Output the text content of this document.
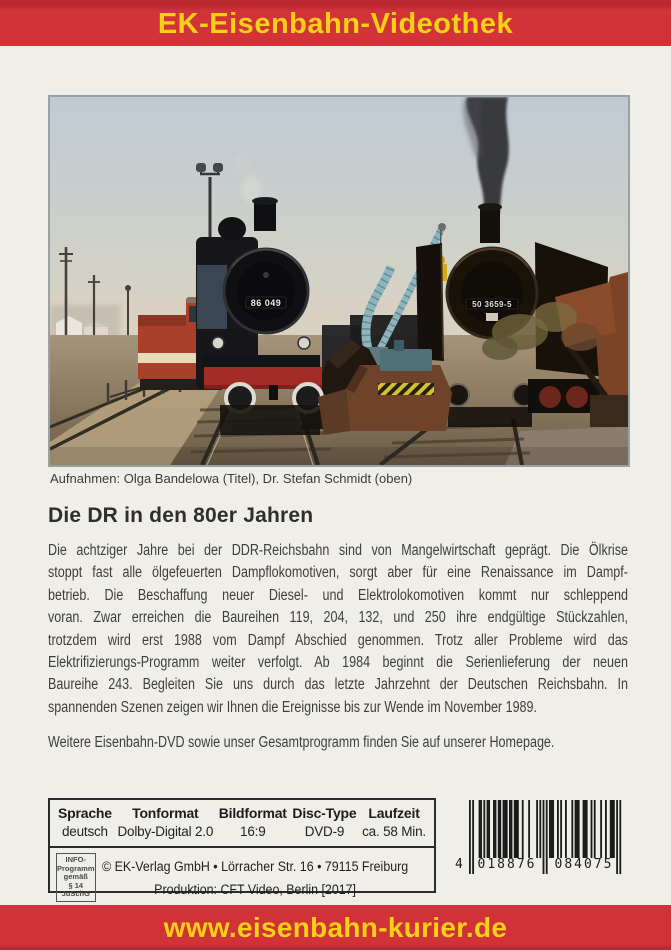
EK-Eisenbahn-Videothek
86 049	50 3659-5
Aufnahmen: Olga Bandelowa (Titel), Dr. Stefan Schmidt (oben)
Die DR in den 80er Jahren
Die achtziger Jahre bei der DDR-Reichsbahn sind von Mangelwirtschaft geprägt. Die Ölkrise
stoppt fast alle ölgefeuerten Dampflokomotiven, sorgt aber für eine Renaissance im Dampf-
betrieb. Die Beschaffung neuer Diesel- und Elektrolokomotiven kommt nur schleppend
voran. Zwar erreichen die Baureihen 119, 204, 132, und 250 ihre endgültige Stückzahlen,
trotzdem wird erst 1988 vom Dampf Abschied genommen. Trotz aller Probleme wird das
Elektrifizierungs-Programm weiter verfolgt. Ab 1984 beginnt die Serienlieferung der neuen
Baureihe 243. Begleiten Sie uns durch das letzte Jahrzehnt der Deutschen Reichsbahn. In
spannenden Szenen zeigen wir Ihnen die Ereignisse bis zur Wende im November 1989.
Weitere Eisenbahn-DVD sowie unser Gesamtprogramm finden Sie auf unserer Homepage.
Sprache
deutsch
Tonformat
Dolby-Digital 2.0
Bildformat
16:9
Disc-Type
DVD-9
Laufzeit
ca. 58 Min.
INFO-
Programm
gemäß
§ 14
JuSchG
© EK-Verlag GmbH • Lörracher Str. 16 • 79115 Freiburg
Produktion: CFT Video, Berlin [2017]
4 018876	084075
www.eisenbahn-kurier.de
